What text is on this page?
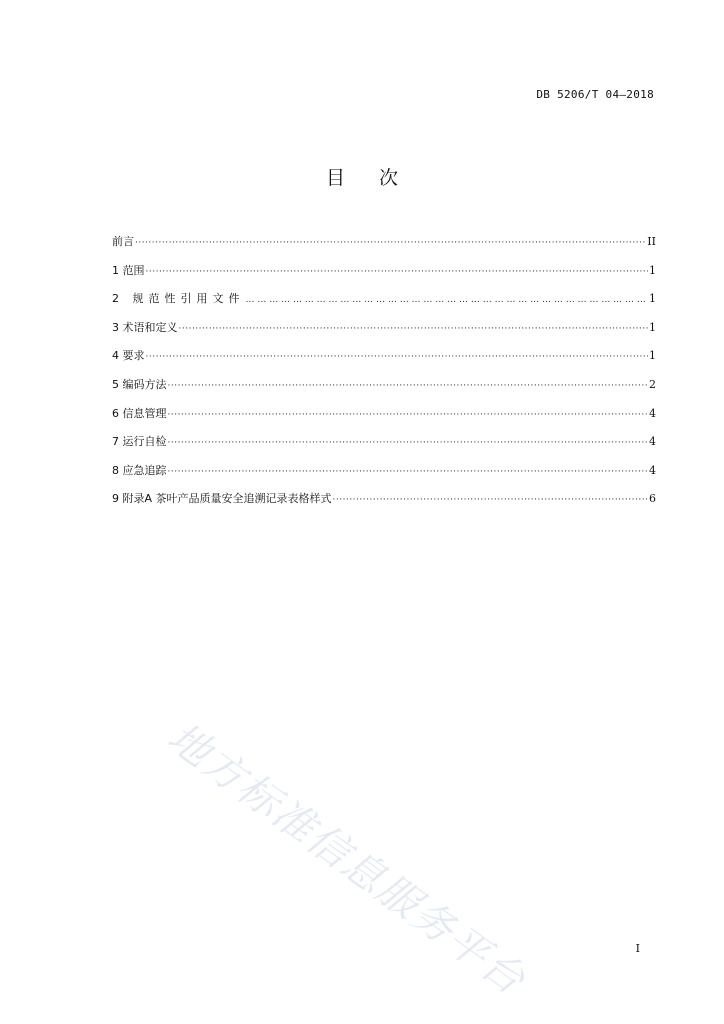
DB 5206/T 04—2018
目 次
前言 ·····	II
1 范围 ·····	1
2 规范性引用文件 … … … … … … … … … … … … … … … … … … … … … … … … … … … … … … … … … … … … … … … … … … … … … … … … … … … …	1
3 术语和定义 ·····	1
4 要求 ·····	1
5 编码方法 ·····	2
6 信息管理 ·····	4
7 运行自检 ·····	4
8 应急追踪 ·····	4
9 附录A 茶叶产品质量安全追溯记录表格样式 ·····	6
地方标准信息服务平台	I
